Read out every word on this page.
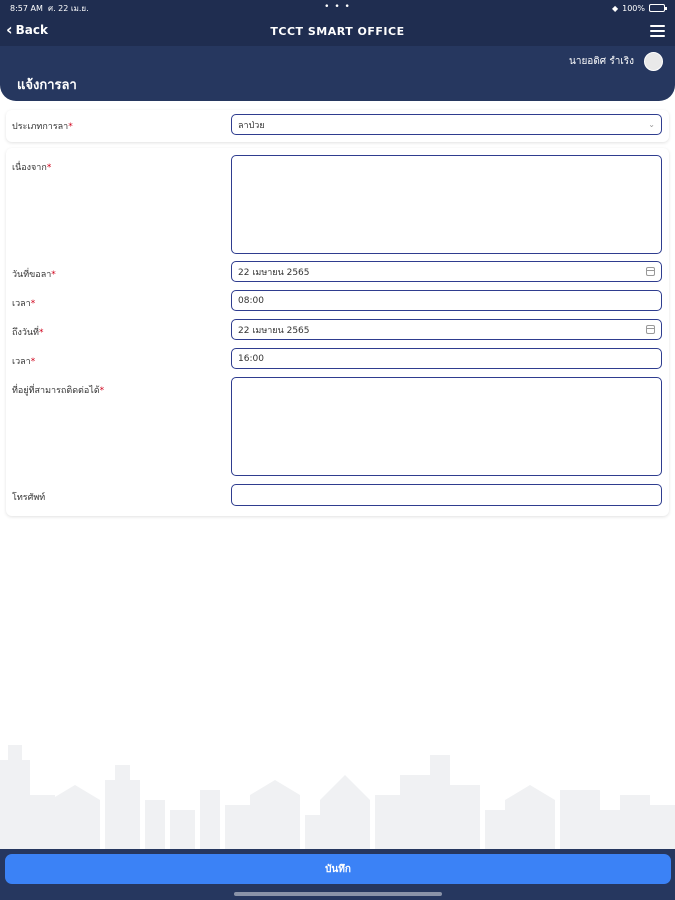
8:57 AM ศ. 22 เม.ย.	• • •	◆ 100%
‹ Back	TCCT SMART OFFICE
นายอดิศ รำเริง
แจ้งการลา
ประเภทการลา*	ลาป่วย	⌄
เนื่องจาก*
วันที่ขอลา*	22 เมษายน 2565
เวลา*	08:00
ถึงวันที่*	22 เมษายน 2565
เวลา*	16:00
ที่อยู่ที่สามารถติดต่อได้*
โทรศัพท์
บันทึก
